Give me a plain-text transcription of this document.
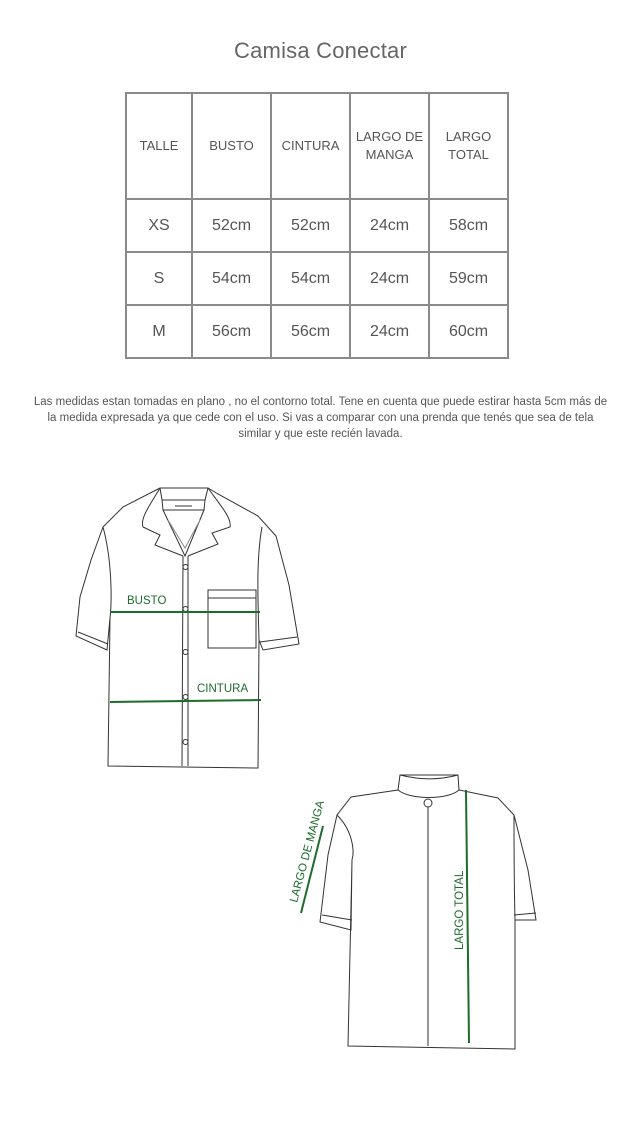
Camisa Conectar
TALLE	BUSTO	CINTURA	LARGO DE MANGA	LARGO TOTAL
XS	52cm	52cm	24cm	58cm
S	54cm	54cm	24cm	59cm
M	56cm	56cm	24cm	60cm
Las medidas estan tomadas en plano , no el contorno total. Tene en cuenta que puede estirar hasta 5cm más de la medida expresada ya que cede con el uso. Si vas a comparar con una prenda que tenés que sea de tela similar y que este recién lavada.
BUSTO
CINTURA
LARGO DE MANGA
LARGO TOTAL
